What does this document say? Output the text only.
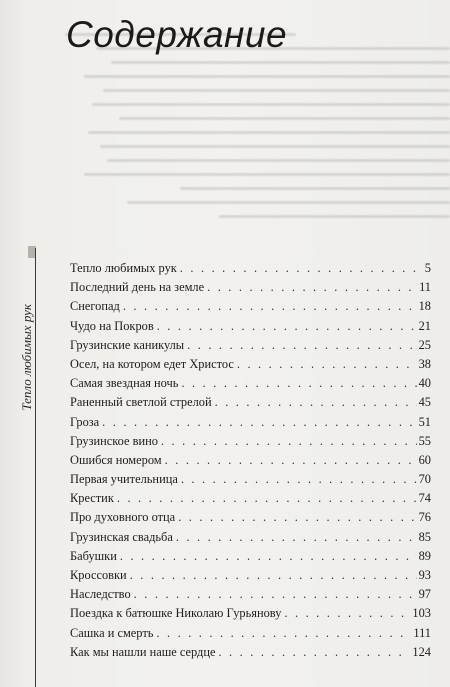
Содержание
Тепло любимых рук
Тепло любимых рук . . .	5
Последний день на земле . . .	11
Снегопад . . .	18
Чудо на Покров . . .	21
Грузинские каникулы . . .	25
Осел, на котором едет Христос . . .	38
Самая звездная ночь . . .	40
Раненный светлой стрелой . . .	45
Гроза . . .	51
Грузинское вино . . .	55
Ошибся номером . . .	60
Первая учительница . . .	70
Крестик . . .	74
Про духовного отца . . .	76
Грузинская свадьба . . .	85
Бабушки . . .	89
Кроссовки . . .	93
Наследство . . .	97
Поездка к батюшке Николаю Гурьянову . . .	103
Сашка и смерть . . .	111
Как мы нашли наше сердце . . .	124
